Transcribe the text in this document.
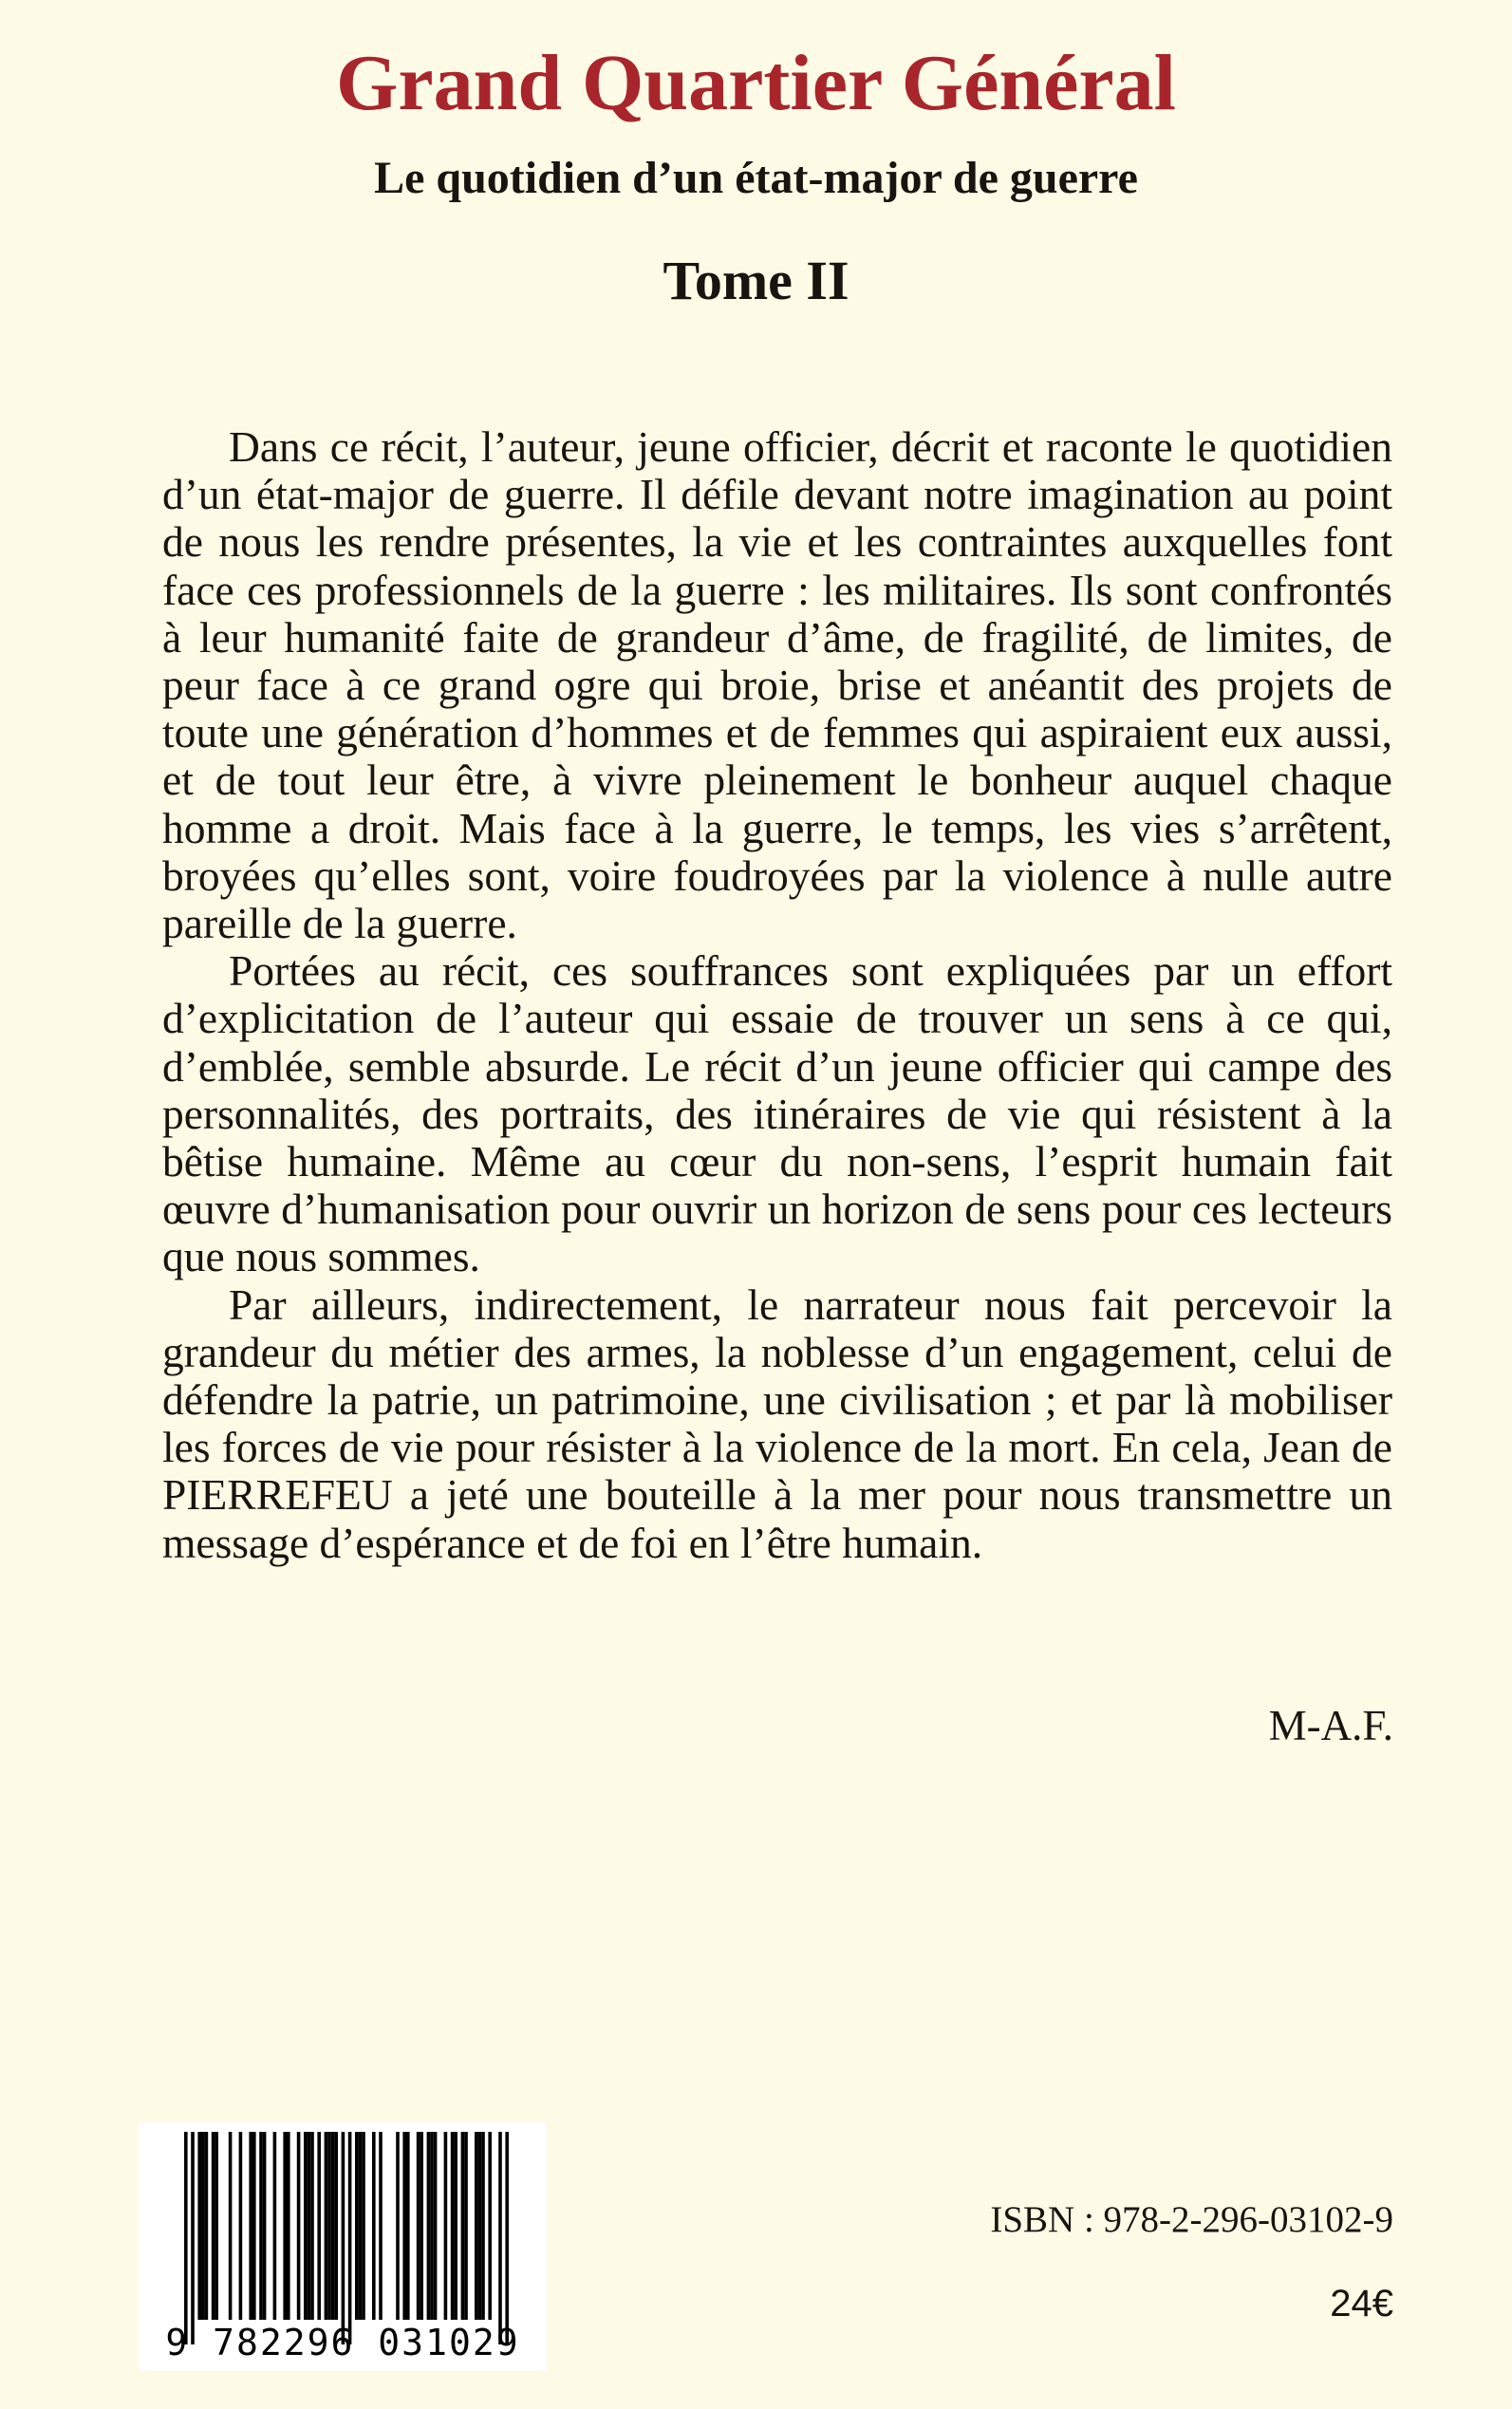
Grand Quartier Général
Le quotidien d’un état-major de guerre
Tome II

Dans ce récit, l’auteur, jeune officier, décrit et raconte le quotidien d’un état-major de guerre. Il défile devant notre imagination au point de nous les rendre présentes, la vie et les contraintes auxquelles font face ces professionnels de la guerre : les militaires. Ils sont confrontés à leur humanité faite de grandeur d’âme, de fragilité, de limites, de peur face à ce grand ogre qui broie, brise et anéantit des projets de toute une génération d’hommes et de femmes qui aspiraient eux aussi, et de tout leur être, à vivre pleinement le bonheur auquel chaque homme a droit. Mais face à la guerre, le temps, les vies s’arrêtent, broyées qu’elles sont, voire foudroyées par la violence à nulle autre pareille de la guerre.

Portées au récit, ces souffrances sont expliquées par un effort d’explicitation de l’auteur qui essaie de trouver un sens à ce qui, d’emblée, semble absurde. Le récit d’un jeune officier qui campe des personnalités, des portraits, des itinéraires de vie qui résistent à la bêtise humaine. Même au cœur du non-sens, l’esprit humain fait œuvre d’humanisation pour ouvrir un horizon de sens pour ces lecteurs que nous sommes.

Par ailleurs, indirectement, le narrateur nous fait percevoir la grandeur du métier des armes, la noblesse d’un engagement, celui de défendre la patrie, un patrimoine, une civilisation ; et par là mobiliser les forces de vie pour résister à la violence de la mort. En cela, Jean de PIERREFEU a jeté une bouteille à la mer pour nous transmettre un message d’espérance et de foi en l’être humain.

M-A.F.

9 782296 031029

ISBN : 978-2-296-03102-9

24€
